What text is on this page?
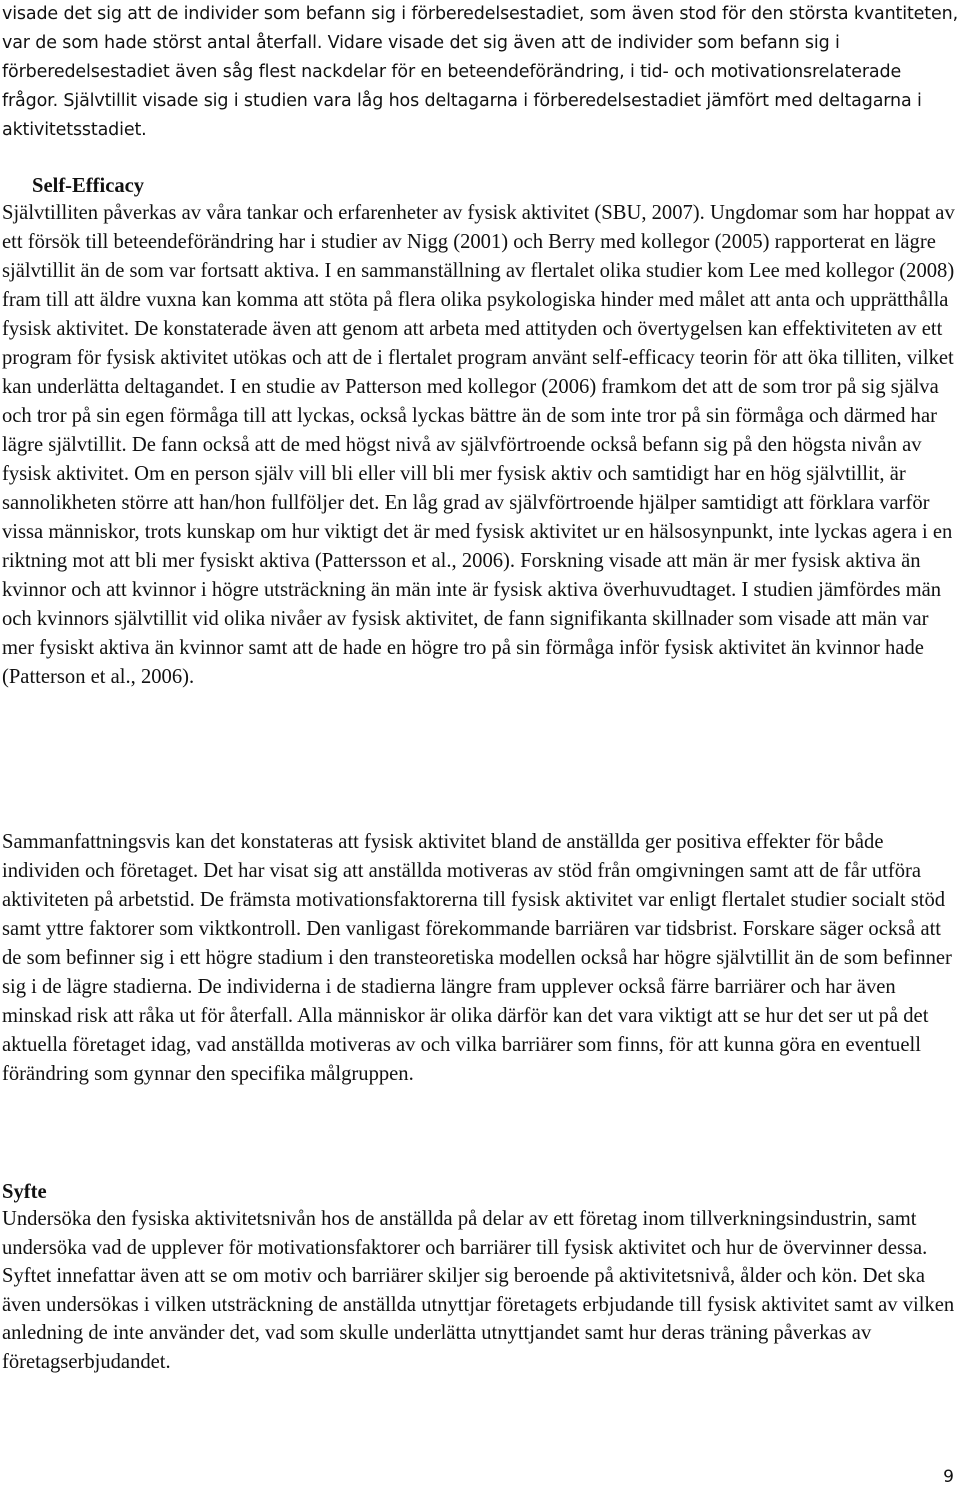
visade det sig att de individer som befann sig i förberedelsestadiet, som även stod för den största kvantiteten, var de som hade störst antal återfall. Vidare visade det sig även att de individer som befann sig i förberedelsestadiet även såg flest nackdelar för en beteendeförändring, i tid- och motivationsrelaterade frågor. Självtillit visade sig i studien vara låg hos deltagarna i förberedelsestadiet jämfört med deltagarna i aktivitetsstadiet.

Self-Efficacy

Självtilliten påverkas av våra tankar och erfarenheter av fysisk aktivitet (SBU, 2007). Ungdomar som har hoppat av ett försök till beteendeförändring har i studier av Nigg (2001) och Berry med kollegor (2005) rapporterat en lägre självtillit än de som var fortsatt aktiva. I en sammanställning av flertalet olika studier kom Lee med kollegor (2008) fram till att äldre vuxna kan komma att stöta på flera olika psykologiska hinder med målet att anta och upprätthålla fysisk aktivitet. De konstaterade även att genom att arbeta med attityden och övertygelsen kan effektiviteten av ett program för fysisk aktivitet utökas och att de i flertalet program använt self-efficacy teorin för att öka tilliten, vilket kan underlätta deltagandet. I en studie av Patterson med kollegor (2006) framkom det att de som tror på sig själva och tror på sin egen förmåga till att lyckas, också lyckas bättre än de som inte tror på sin förmåga och därmed har lägre självtillit. De fann också att de med högst nivå av självförtroende också befann sig på den högsta nivån av fysisk aktivitet. Om en person själv vill bli eller vill bli mer fysisk aktiv och samtidigt har en hög självtillit, är sannolikheten större att han/hon fullföljer det. En låg grad av självförtroende hjälper samtidigt att förklara varför vissa människor, trots kunskap om hur viktigt det är med fysisk aktivitet ur en hälsosynpunkt, inte lyckas agera i en riktning mot att bli mer fysiskt aktiva (Pattersson et al., 2006). Forskning visade att män är mer fysisk aktiva än kvinnor och att kvinnor i högre utsträckning än män inte är fysisk aktiva överhuvudtaget. I studien jämfördes män och kvinnors självtillit vid olika nivåer av fysisk aktivitet, de fann signifikanta skillnader som visade att män var mer fysiskt aktiva än kvinnor samt att de hade en högre tro på sin förmåga inför fysisk aktivitet än kvinnor hade (Patterson et al., 2006).

Sammanfattningsvis kan det konstateras att fysisk aktivitet bland de anställda ger positiva effekter för både individen och företaget. Det har visat sig att anställda motiveras av stöd från omgivningen samt att de får utföra aktiviteten på arbetstid. De främsta motivationsfaktorerna till fysisk aktivitet var enligt flertalet studier socialt stöd samt yttre faktorer som viktkontroll. Den vanligast förekommande barriären var tidsbrist. Forskare säger också att de som befinner sig i ett högre stadium i den transteoretiska modellen också har högre självtillit än de som befinner sig i de lägre stadierna. De individerna i de stadierna längre fram upplever också färre barriärer och har även minskad risk att råka ut för återfall. Alla människor är olika därför kan det vara viktigt att se hur det ser ut på det aktuella företaget idag, vad anställda motiveras av och vilka barriärer som finns, för att kunna göra en eventuell förändring som gynnar den specifika målgruppen.

Syfte

Undersöka den fysiska aktivitetsnivån hos de anställda på delar av ett företag inom tillverkningsindustrin, samt undersöka vad de upplever för motivationsfaktorer och barriärer till fysisk aktivitet och hur de övervinner dessa. Syftet innefattar även att se om motiv och barriärer skiljer sig beroende på aktivitetsnivå, ålder och kön. Det ska även undersökas i vilken utsträckning de anställda utnyttjar företagets erbjudande till fysisk aktivitet samt av vilken anledning de inte använder det, vad som skulle underlätta utnyttjandet samt hur deras träning påverkas av företagserbjudandet.

9
